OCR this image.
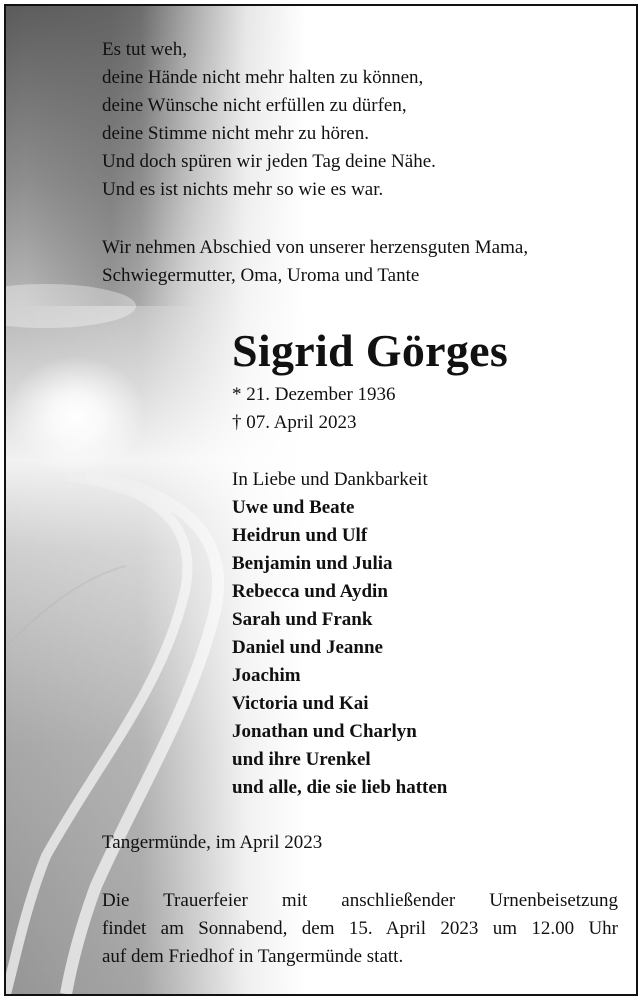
Es tut weh,
deine Hände nicht mehr halten zu können,
deine Wünsche nicht erfüllen zu dürfen,
deine Stimme nicht mehr zu hören.
Und doch spüren wir jeden Tag deine Nähe.
Und es ist nichts mehr so wie es war.
Wir nehmen Abschied von unserer herzensguten Mama,
Schwiegermutter, Oma, Uroma und Tante
Sigrid Görges
* 21. Dezember 1936
† 07. April 2023
In Liebe und Dankbarkeit
Uwe und Beate
Heidrun und Ulf
Benjamin und Julia
Rebecca und Aydin
Sarah und Frank
Daniel und Jeanne
Joachim
Victoria und Kai
Jonathan und Charlyn
und ihre Urenkel
und alle, die sie lieb hatten
Tangermünde, im April 2023
Die Trauerfeier mit anschließender Urnenbeisetzung
findet am Sonnabend, dem 15. April 2023 um 12.00 Uhr
auf dem Friedhof in Tangermünde statt.
